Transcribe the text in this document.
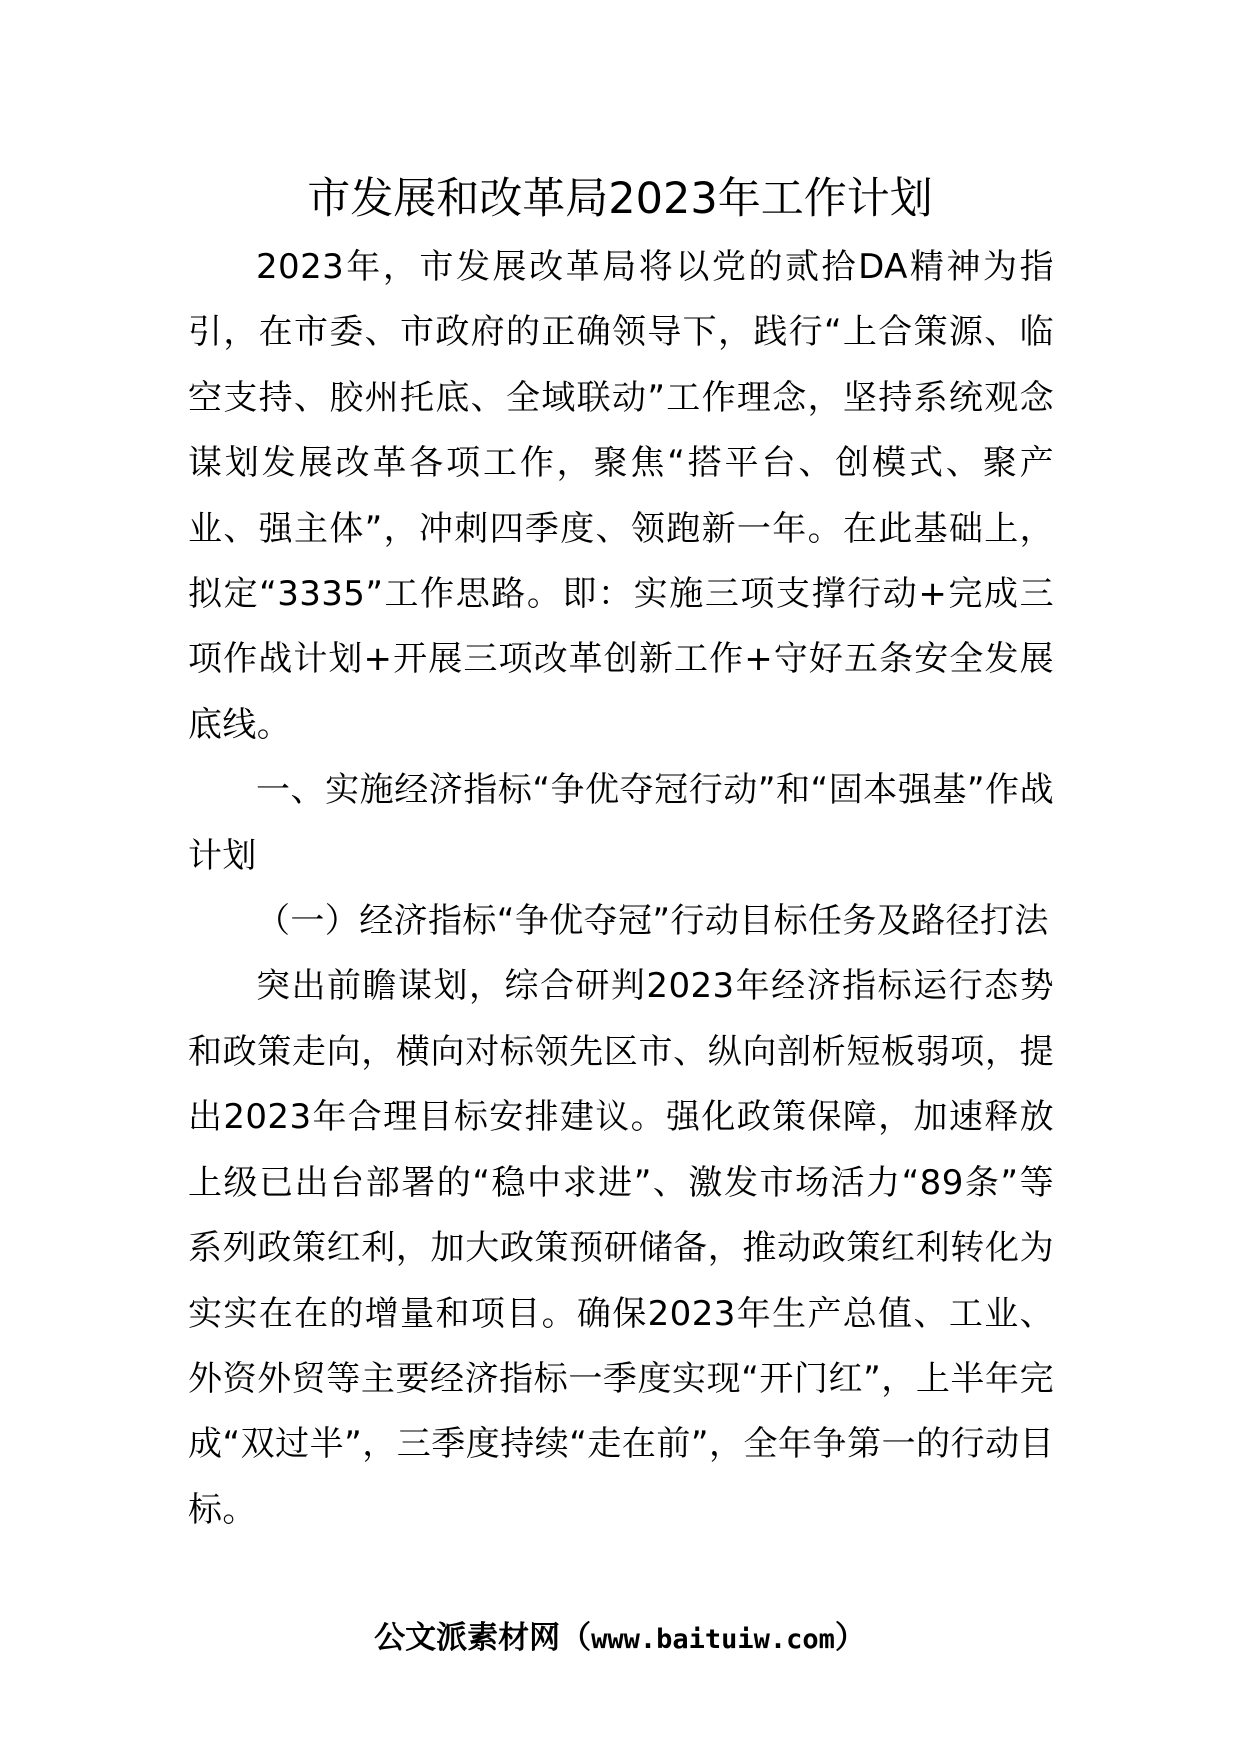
市发展和改革局2023年工作计划

2023年，市发展改革局将以党的贰拾DA精神为指引，在市委、市政府的正确领导下，践行“上合策源、临空支持、胶州托底、全域联动”工作理念，坚持系统观念谋划发展改革各项工作，聚焦“搭平台、创模式、聚产业、强主体”，冲刺四季度、领跑新一年。在此基础上，拟定“3335”工作思路。即：实施三项支撑行动+完成三项作战计划+开展三项改革创新工作+守好五条安全发展底线。

一、实施经济指标“争优夺冠行动”和“固本强基”作战计划

（一）经济指标“争优夺冠”行动目标任务及路径打法

突出前瞻谋划，综合研判2023年经济指标运行态势和政策走向，横向对标领先区市、纵向剖析短板弱项，提出2023年合理目标安排建议。强化政策保障，加速释放上级已出台部署的“稳中求进”、激发市场活力“89条”等系列政策红利，加大政策预研储备，推动政策红利转化为实实在在的增量和项目。确保2023年生产总值、工业、外资外贸等主要经济指标一季度实现“开门红”，上半年完成“双过半”，三季度持续“走在前”，全年争第一的行动目标。

公文派素材网（www.baituiw.com）
